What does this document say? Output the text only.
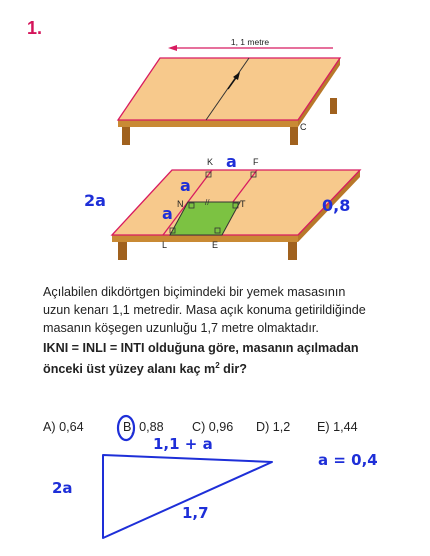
1.
1, 1 metre
C
K	F
N	T
L	E
//
a
a
a
2a	0,8
Açılabilen dikdörtgen biçimindeki bir yemek masasının
uzun kenarı 1,1 metredir. Masa açık konuma getirildiğinde
masanın köşegen uzunluğu 1,7 metre olmaktadır.
IKNI = INLI = INTI olduğuna göre, masanın açılmadan
önceki üst yüzey alanı kaç $m^2$ dir?
A) 0,64	B) 0,88 C) 0,96 D) 1,2 E) 1,44
1,1 + a
2a
1,7
a = 0,4
